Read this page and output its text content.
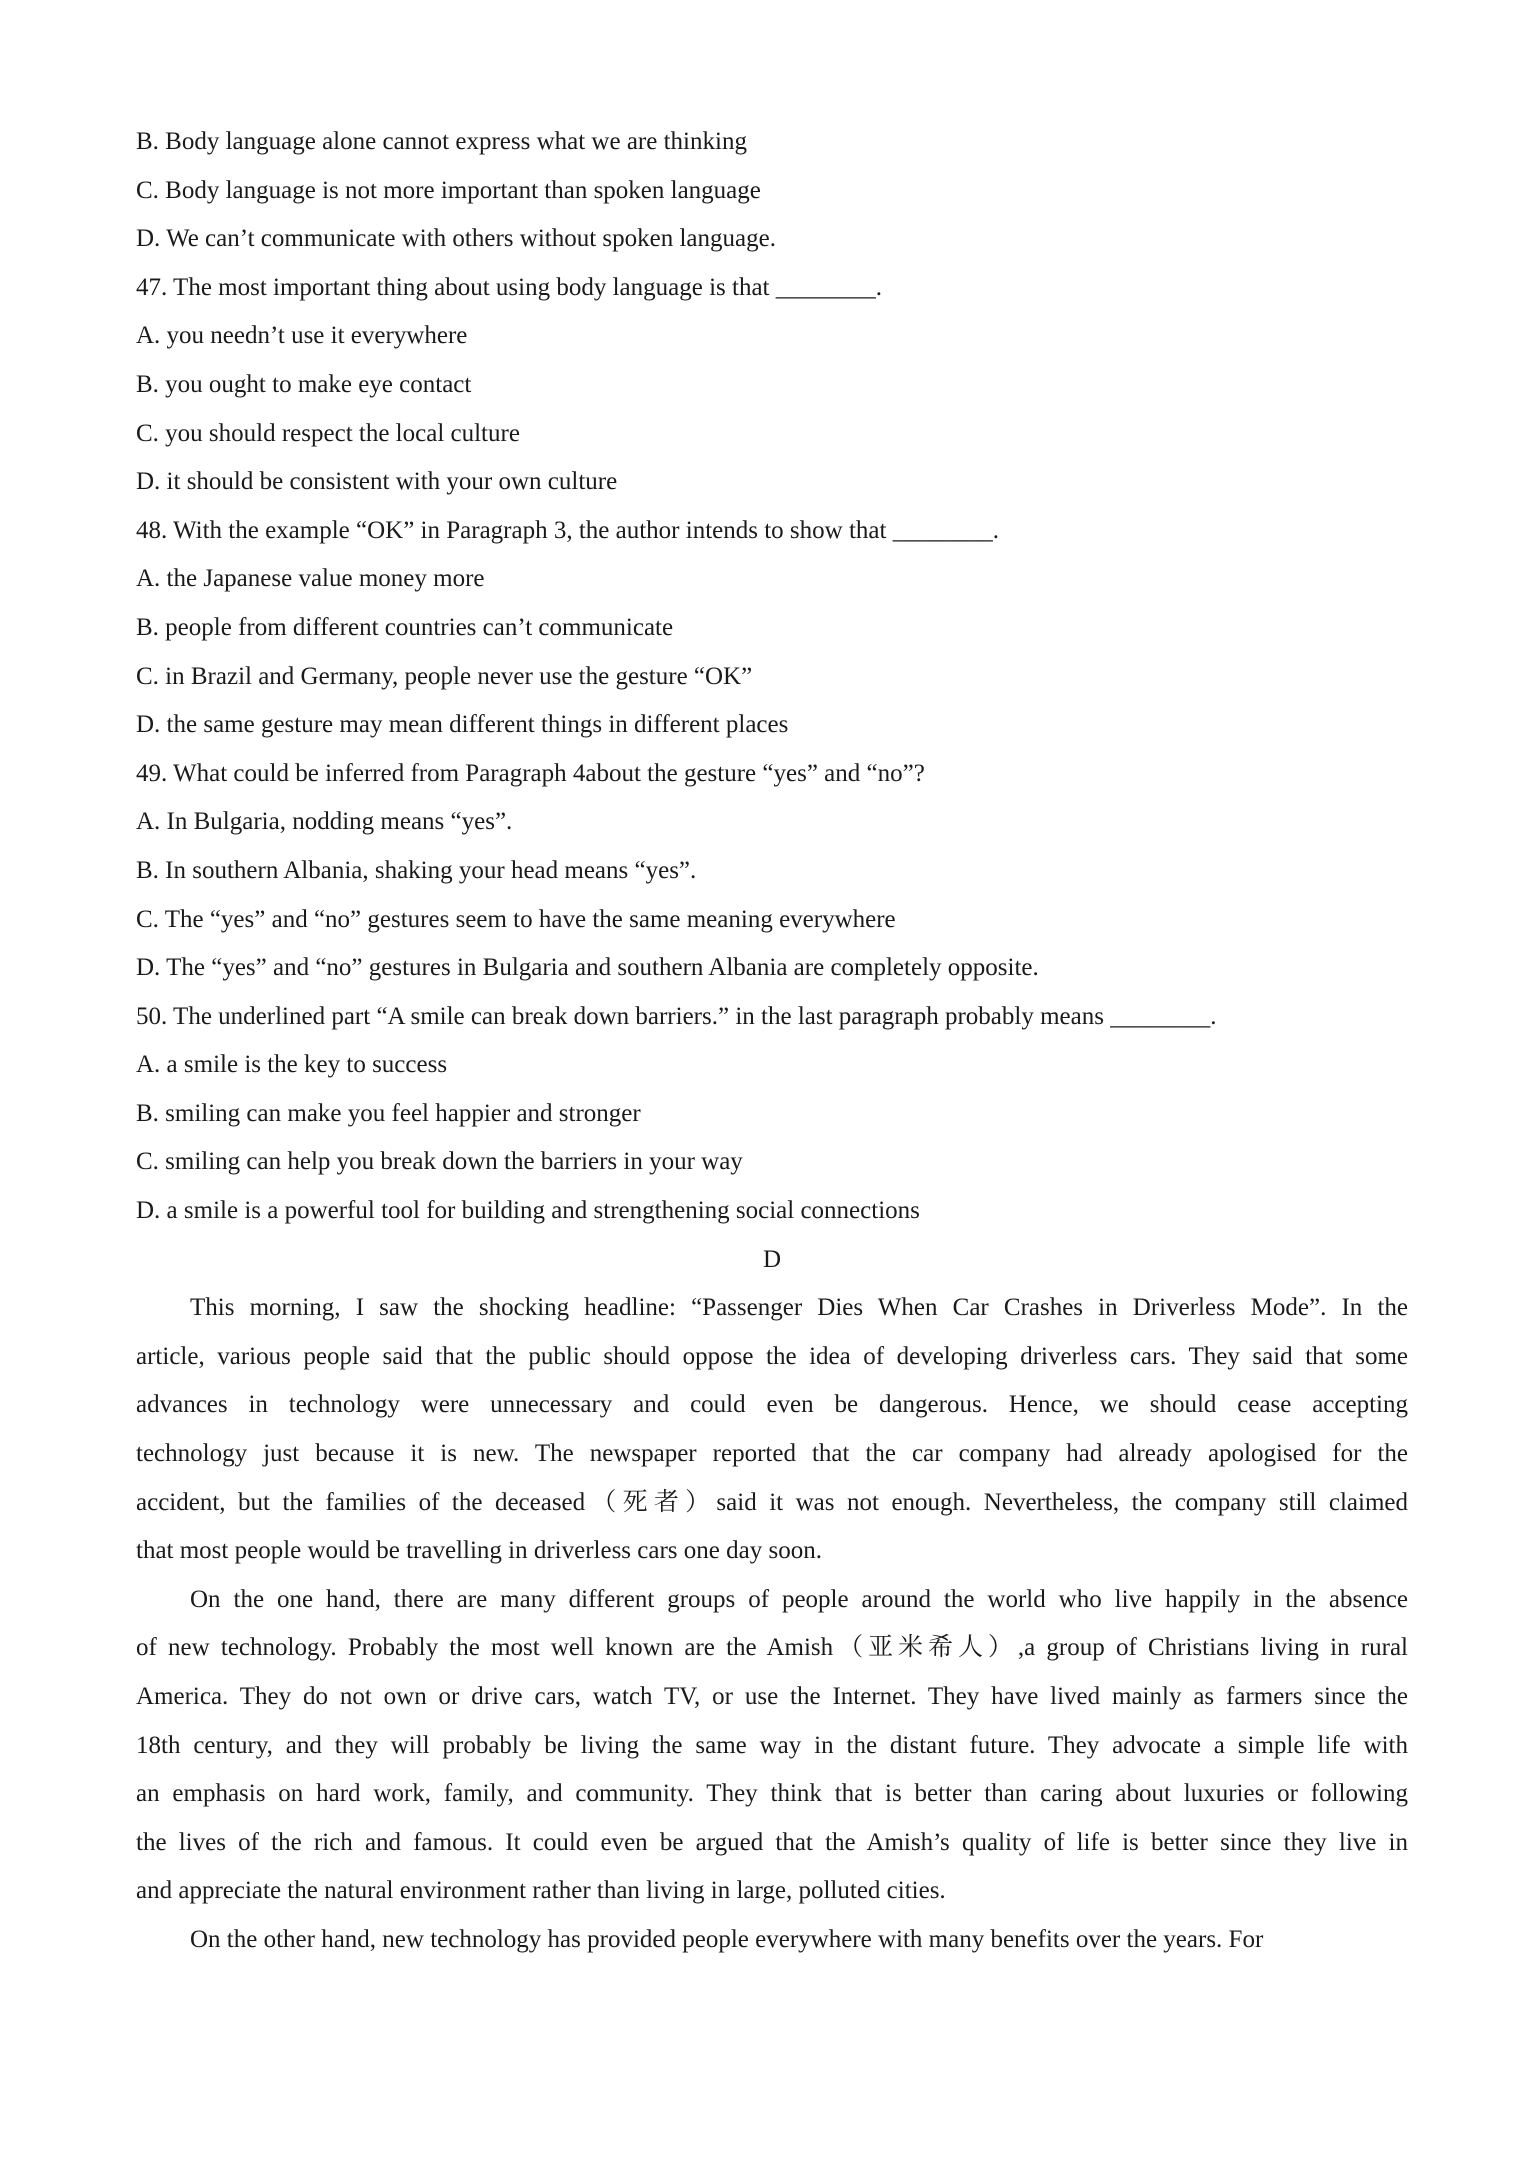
B. Body language alone cannot express what we are thinking
C. Body language is not more important than spoken language
D. We can’t communicate with others without spoken language.
47. The most important thing about using body language is that ________.
A. you needn’t use it everywhere
B. you ought to make eye contact
C. you should respect the local culture
D. it should be consistent with your own culture
48. With the example “OK” in Paragraph 3, the author intends to show that ________.
A. the Japanese value money more
B. people from different countries can’t communicate
C. in Brazil and Germany, people never use the gesture “OK”
D. the same gesture may mean different things in different places
49. What could be inferred from Paragraph 4about the gesture “yes” and “no”?
A. In Bulgaria, nodding means “yes”.
B. In southern Albania, shaking your head means “yes”.
C. The “yes” and “no” gestures seem to have the same meaning everywhere
D. The “yes” and “no” gestures in Bulgaria and southern Albania are completely opposite.
50. The underlined part “A smile can break down barriers.” in the last paragraph probably means ________.
A. a smile is the key to success
B. smiling can make you feel happier and stronger
C. smiling can help you break down the barriers in your way
D. a smile is a powerful tool for building and strengthening social connections
D
This morning, I saw the shocking headline: “Passenger Dies When Car Crashes in Driverless Mode”. In the
article, various people said that the public should oppose the idea of developing driverless cars. They said that some
advances in technology were unnecessary and could even be dangerous. Hence, we should cease accepting
technology just because it is new. The newspaper reported that the car company had already apologised for the
accident, but the families of the deceased（死者）said it was not enough. Nevertheless, the company still claimed
that most people would be travelling in driverless cars one day soon.
On the one hand, there are many different groups of people around the world who live happily in the absence
of new technology. Probably the most well known are the Amish（亚米希人）,a group of Christians living in rural
America. They do not own or drive cars, watch TV, or use the Internet. They have lived mainly as farmers since the
18th century, and they will probably be living the same way in the distant future. They advocate a simple life with
an emphasis on hard work, family, and community. They think that is better than caring about luxuries or following
the lives of the rich and famous. It could even be argued that the Amish’s quality of life is better since they live in
and appreciate the natural environment rather than living in large, polluted cities.
On the other hand, new technology has provided people everywhere with many benefits over the years. For
